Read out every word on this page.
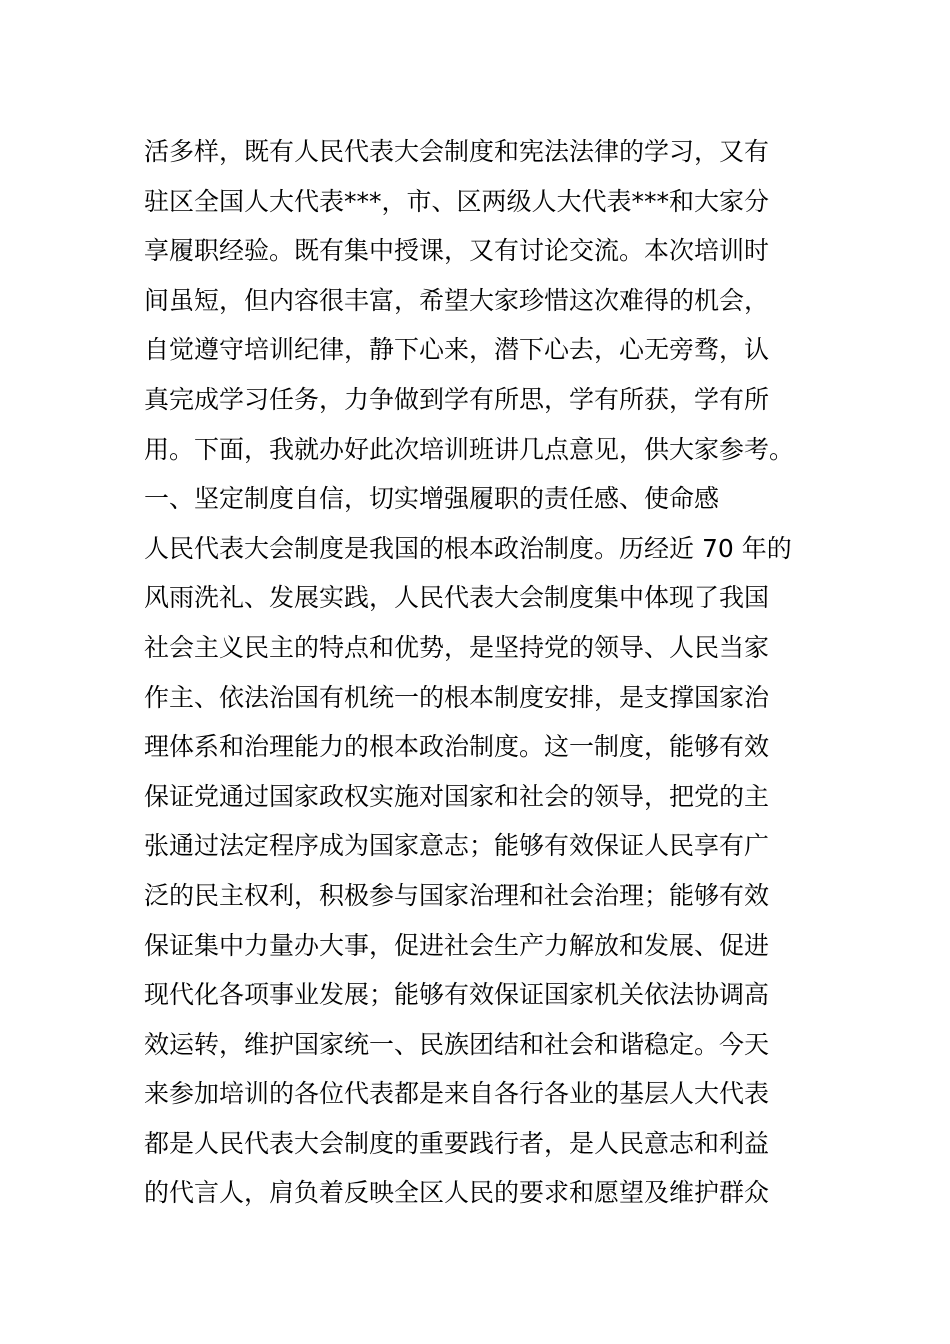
活多样，既有人民代表大会制度和宪法法律的学习，又有
驻区全国人大代表***，市、区两级人大代表***和大家分
享履职经验。既有集中授课，又有讨论交流。本次培训时
间虽短，但内容很丰富，希望大家珍惜这次难得的机会，
自觉遵守培训纪律，静下心来，潜下心去，心无旁骛，认
真完成学习任务，力争做到学有所思，学有所获，学有所
用。下面，我就办好此次培训班讲几点意见，供大家参考。
一、坚定制度自信，切实增强履职的责任感、使命感
人民代表大会制度是我国的根本政治制度。历经近 70 年的
风雨洗礼、发展实践，人民代表大会制度集中体现了我国
社会主义民主的特点和优势，是坚持党的领导、人民当家
作主、依法治国有机统一的根本制度安排，是支撑国家治
理体系和治理能力的根本政治制度。这一制度，能够有效
保证党通过国家政权实施对国家和社会的领导，把党的主
张通过法定程序成为国家意志；能够有效保证人民享有广
泛的民主权利，积极参与国家治理和社会治理；能够有效
保证集中力量办大事，促进社会生产力解放和发展、促进
现代化各项事业发展；能够有效保证国家机关依法协调高
效运转，维护国家统一、民族团结和社会和谐稳定。今天
来参加培训的各位代表都是来自各行各业的基层人大代表
都是人民代表大会制度的重要践行者，是人民意志和利益
的代言人，肩负着反映全区人民的要求和愿望及维护群众
